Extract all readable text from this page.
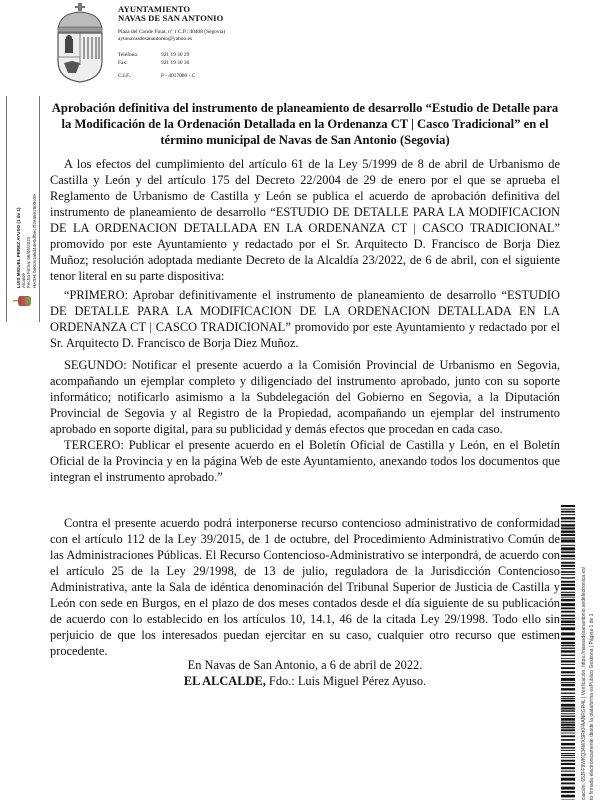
AYUNTAMIENTO
NAVAS DE SAN ANTONIO
Plaza del Conde Finat, nº 1 C.P.: 40408 (Segovia)
aytonavasdesanantonio@yahoo.es
Teléfono:	921 19 30 29
Fax:	921 19 30 30
C.I.F.:	P - 4017000 - C
LUIS MIGUEL PEREZ AYUSO (1 de 1) Alcalde Fecha Firma: 06/04/2022 HASH: be0c61a8d44e0df5ec7f2ea5e2809c09
Aprobación definitiva del instrumento de planeamiento de desarrollo “Estudio de Detalle para la Modificación de la Ordenación Detallada en la Ordenanza CT | Casco Tradicional” en el término municipal de Navas de San Antonio (Segovia)
A los efectos del cumplimiento del artículo 61 de la Ley 5/1999 de 8 de abril de Urbanismo de Castilla y León y del artículo 175 del Decreto 22/2004 de 29 de enero por el que se aprueba el Reglamento de Urbanismo de Castilla y León se publica el acuerdo de aprobación definitiva del instrumento de planeamiento de desarrollo “ESTUDIO DE DETALLE PARA LA MODIFICACION DE LA ORDENACION DETALLADA EN LA ORDENANZA CT | CASCO TRADICIONAL” promovido por este Ayuntamiento y redactado por el Sr. Arquitecto D. Francisco de Borja Diez Muñoz; resolución adoptada mediante Decreto de la Alcaldía 23/2022, de 6 de abril, con el siguiente tenor literal en su parte dispositiva:
“PRIMERO: Aprobar definitivamente el instrumento de planeamiento de desarrollo “ESTUDIO DE DETALLE PARA LA MODIFICACION DE LA ORDENACION DETALLADA EN LA ORDENANZA CT | CASCO TRADICIONAL” promovido por este Ayuntamiento y redactado por el Sr. Arquitecto D. Francisco de Borja Diez Muñoz.
SEGUNDO: Notificar el presente acuerdo a la Comisión Provincial de Urbanismo en Segovia, acompañando un ejemplar completo y diligenciado del instrumento aprobado, junto con su soporte informático; notificarlo asimismo a la Subdelegación del Gobierno en Segovia, a la Diputación Provincial de Segovia y al Registro de la Propiedad, acompañando un ejemplar del instrumento aprobado en soporte digital, para su publicidad y demás efectos que procedan en cada caso.
TERCERO: Publicar el presente acuerdo en el Boletín Oficial de Castilla y León, en el Boletín Oficial de la Provincia y en la página Web de este Ayuntamiento, anexando todos los documentos que integran el instrumento aprobado.”
Contra el presente acuerdo podrá interponerse recurso contencioso administrativo de conformidad con el artículo 112 de la Ley 39/2015, de 1 de octubre, del Procedimiento Administrativo Común de las Administraciones Públicas. El Recurso Contencioso-Administrativo se interpondrá, de acuerdo con el artículo 25 de la Ley 29/1998, de 13 de julio, reguladora de la Jurisdicción Contencioso Administrativa, ante la Sala de idéntica denominación del Tribunal Superior de Justicia de Castilla y León con sede en Burgos, en el plazo de dos meses contados desde el día siguiente de su publicación de acuerdo con lo establecido en los artículos 10, 14.1, 46 de la citada Ley 29/1998. Todo ello sin perjuicio de que los interesados puedan ejercitar en su caso, cualquier otro recurso que estimen procedente.
En Navas de San Antonio, a 6 de abril de 2022.
EL ALCALDE, Fdo.: Luis Miguel Pérez Ayuso.	ciación: 65JFF9WKQ34WXSRKFAANRGR4L | Verificación: https://navasdesanantonio.sedelectronica.es/ to firmado electrónicamente desde la plataforma esPublico Gestiona | Página 1 de 1
